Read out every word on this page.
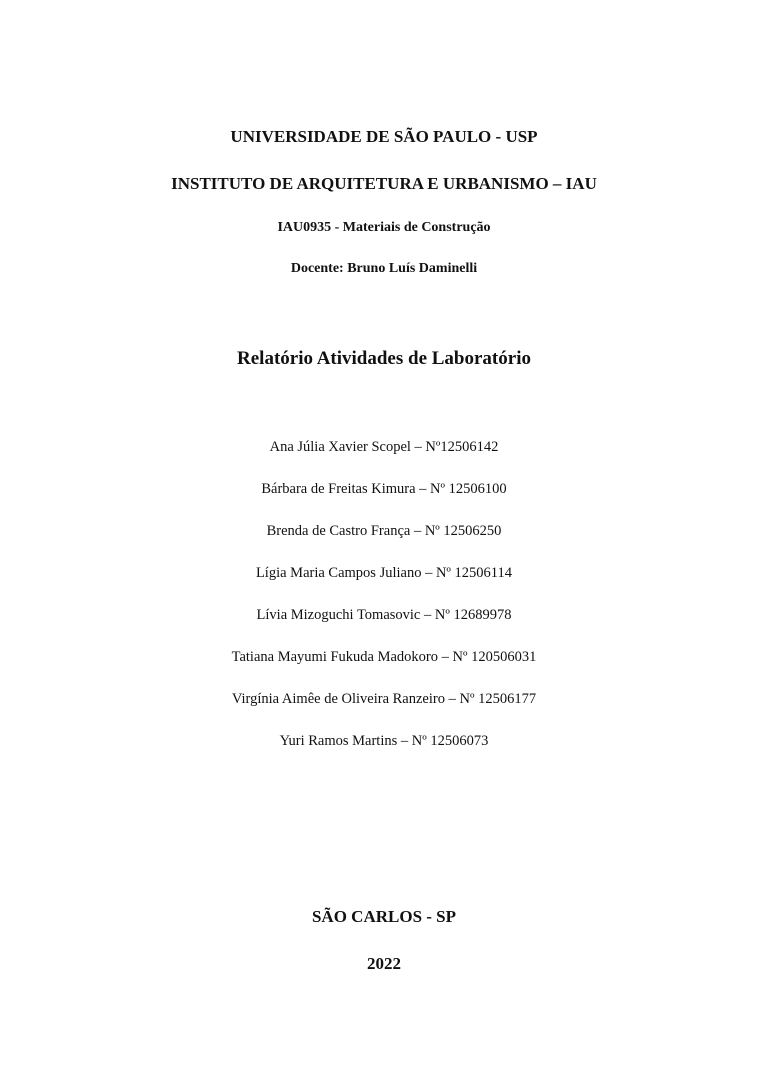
UNIVERSIDADE DE SÃO PAULO - USP
INSTITUTO DE ARQUITETURA E URBANISMO – IAU
IAU0935 - Materiais de Construção
Docente: Bruno Luís Daminelli
Relatório Atividades de Laboratório
Ana Júlia Xavier Scopel – Nº12506142
Bárbara de Freitas Kimura – Nº 12506100
Brenda de Castro França – Nº 12506250
Lígia Maria Campos Juliano – Nº 12506114
Lívia Mizoguchi Tomasovic – Nº 12689978
Tatiana Mayumi Fukuda Madokoro – Nº 120506031
Virgínia Aimêe de Oliveira Ranzeiro – Nº 12506177
Yuri Ramos Martins – Nº 12506073
SÃO CARLOS - SP
2022
